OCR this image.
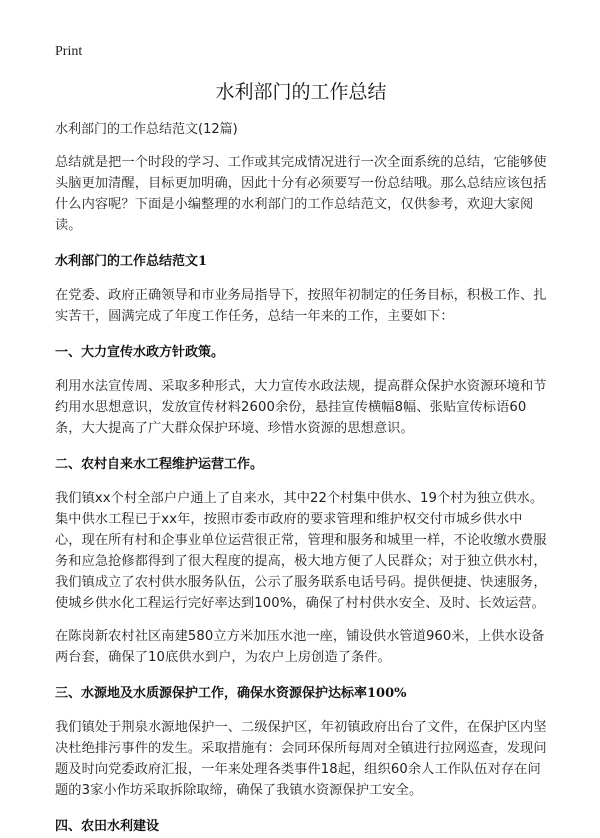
Print
水利部门的工作总结
水利部门的工作总结范文(12篇)

总结就是把一个时段的学习、工作或其完成情况进行一次全面系统的总结，它能够使头脑更加清醒，目标更加明确，因此十分有必须要写一份总结哦。那么总结应该包括什么内容呢？下面是小编整理的水利部门的工作总结范文，仅供参考，欢迎大家阅读。

水利部门的工作总结范文1

在党委、政府正确领导和市业务局指导下，按照年初制定的任务目标，积极工作、扎实苦干，圆满完成了年度工作任务，总结一年来的工作，主要如下：

一、大力宣传水政方针政策。

利用水法宣传周、采取多种形式，大力宣传水政法规，提高群众保护水资源环境和节约用水思想意识，发放宣传材料2600余份，悬挂宣传横幅8幅、张贴宣传标语60条，大大提高了广大群众保护环境、珍惜水资源的思想意识。

二、农村自来水工程维护运营工作。

我们镇xx个村全部户户通上了自来水，其中22个村集中供水、19个村为独立供水。集中供水工程已于xx年，按照市委市政府的要求管理和维护权交付市城乡供水中心，现在所有村和企事业单位运营很正常，管理和服务和城里一样，不论收缴水费服务和应急抢修都得到了很大程度的提高，极大地方便了人民群众；对于独立供水村，我们镇成立了农村供水服务队伍，公示了服务联系电话号码。提供便捷、快速服务，使城乡供水化工程运行完好率达到100%，确保了村村供水安全、及时、长效运营。

在陈岗新农村社区南建580立方米加压水池一座，铺设供水管道960米，上供水设备两台套，确保了10底供水到户，为农户上房创造了条件。

三、水源地及水质源保护工作，确保水资源保护达标率100%

我们镇处于荆泉水源地保护一、二级保护区，年初镇政府出台了文件，在保护区内坚决杜绝排污事件的发生。采取措施有：会同环保所每周对全镇进行拉网巡查，发现问题及时向党委政府汇报，一年来处理各类事件18起，组织60余人工作队伍对存在问题的3家小作坊采取拆除取缔，确保了我镇水资源保护工安全。

四、农田水利建设
